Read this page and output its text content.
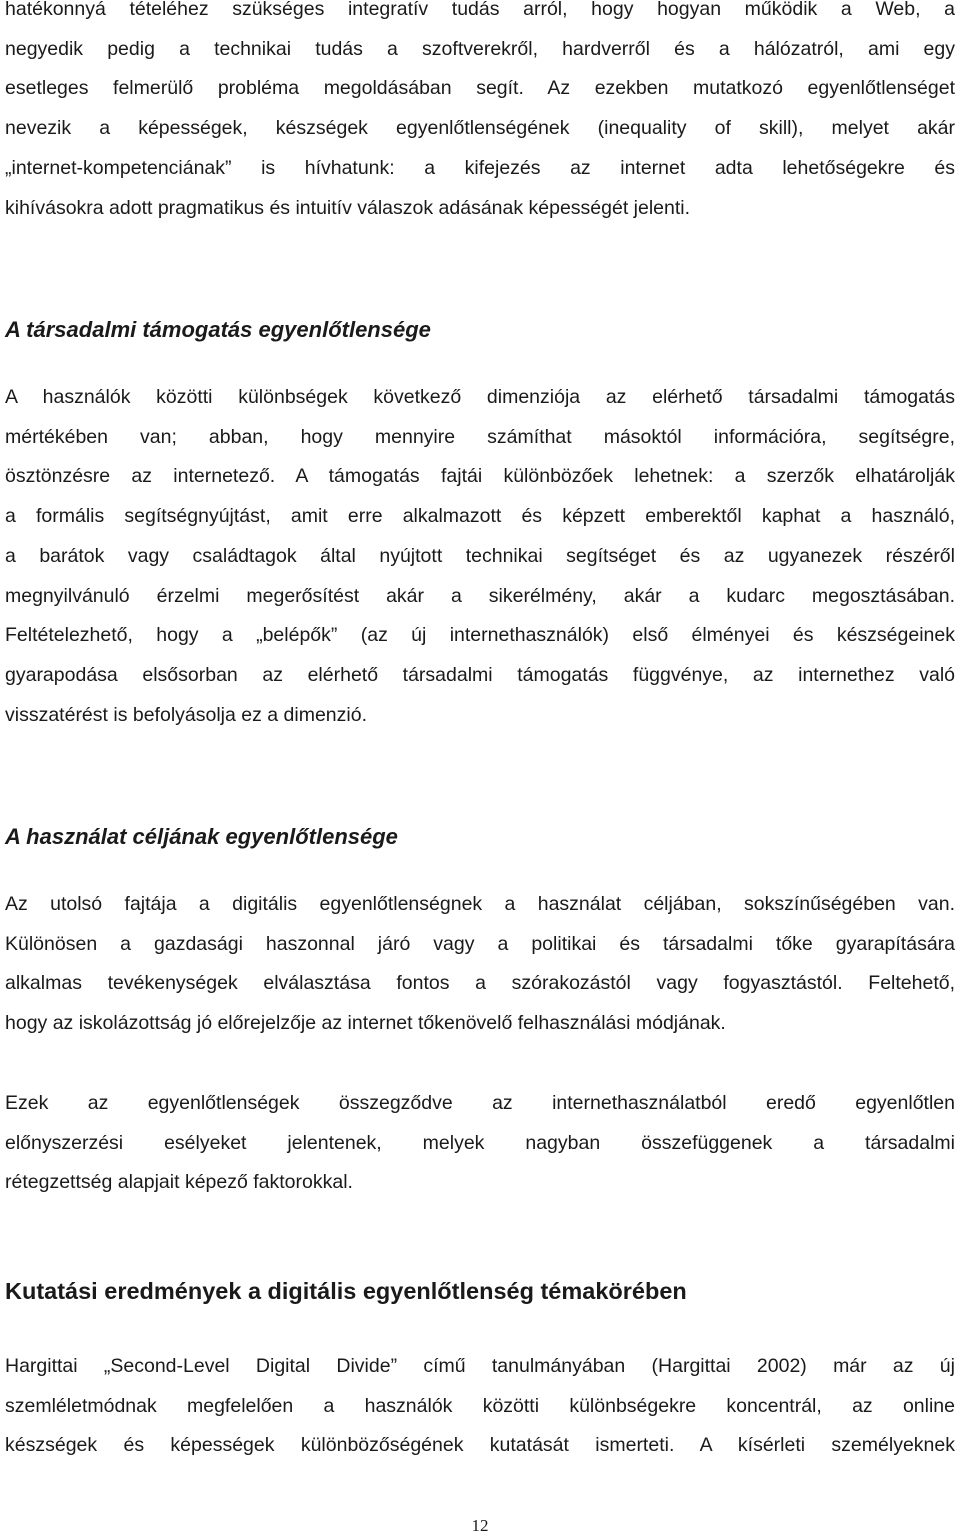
hatékonnyá tételéhez szükséges integratív tudás arról, hogy hogyan működik a Web, a
negyedik pedig a technikai tudás a szoftverekről, hardverről és a hálózatról, ami egy
esetleges felmerülő probléma megoldásában segít. Az ezekben mutatkozó egyenlőtlenséget
nevezik a képességek, készségek egyenlőtlenségének (inequality of skill), melyet akár
„internet-kompetenciának” is hívhatunk: a kifejezés az internet adta lehetőségekre és
kihívásokra adott pragmatikus és intuitív válaszok adásának képességét jelenti.
A társadalmi támogatás egyenlőtlensége
A használók közötti különbségek következő dimenziója az elérhető társadalmi támogatás
mértékében van; abban, hogy mennyire számíthat másoktól információra, segítségre,
ösztönzésre az internetező. A támogatás fajtái különbözőek lehetnek: a szerzők elhatárolják
a formális segítségnyújtást, amit erre alkalmazott és képzett emberektől kaphat a használó,
a barátok vagy családtagok által nyújtott technikai segítséget és az ugyanezek részéről
megnyilvánuló érzelmi megerősítést akár a sikerélmény, akár a kudarc megosztásában.
Feltételezhető, hogy a „belépők” (az új internethasználók) első élményei és készségeinek
gyarapodása elsősorban az elérhető társadalmi támogatás függvénye, az internethez való
visszatérést is befolyásolja ez a dimenzió.
A használat céljának egyenlőtlensége
Az utolsó fajtája a digitális egyenlőtlenségnek a használat céljában, sokszínűségében van.
Különösen a gazdasági haszonnal járó vagy a politikai és társadalmi tőke gyarapítására
alkalmas tevékenységek elválasztása fontos a szórakozástól vagy fogyasztástól. Feltehető,
hogy az iskolázottság jó előrejelzője az internet tőkenövelő felhasználási módjának.
Ezek az egyenlőtlenségek összegződve az internethasználatból eredő egyenlőtlen
előnyszerzési esélyeket jelentenek, melyek nagyban összefüggenek a társadalmi
rétegzettség alapjait képező faktorokkal.
Kutatási eredmények a digitális egyenlőtlenség témakörében
Hargittai „Second-Level Digital Divide” című tanulmányában (Hargittai 2002) már az új
szemléletmódnak megfelelően a használók közötti különbségekre koncentrál, az online
készségek és képességek különbözőségének kutatását ismerteti. A kísérleti személyeknek
12
